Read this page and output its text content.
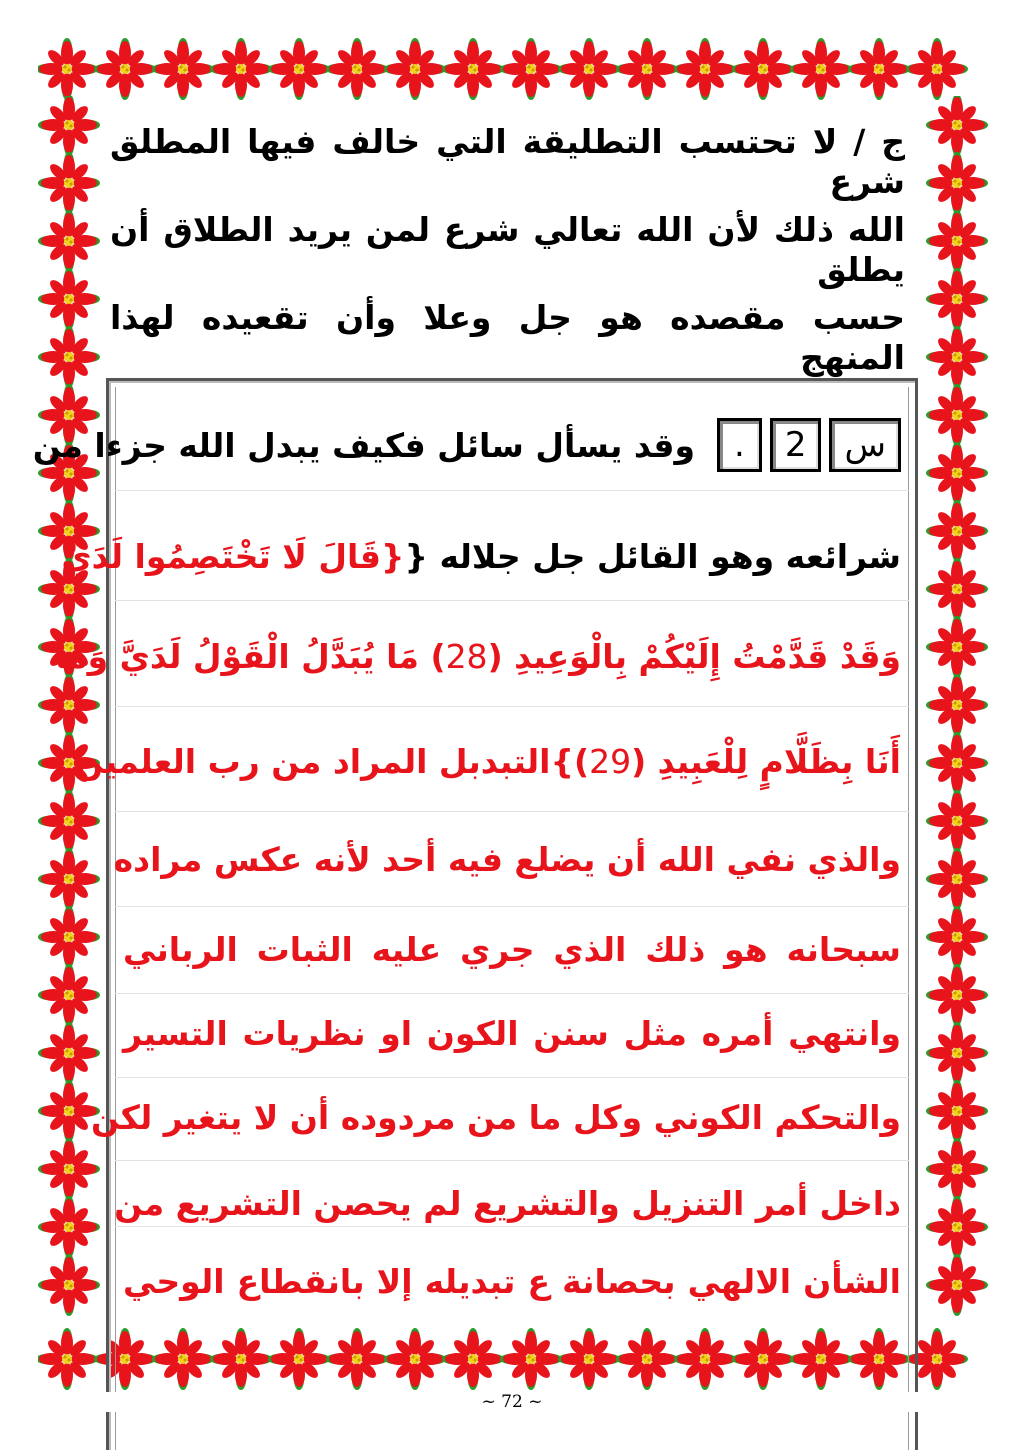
ج / لا تحتسب التطليقة التي خالف فيها المطلق شرع

الله ذلك لأن الله تعالي شرع لمن يريد الطلاق أن يطلق

حسب مقصده هو جل وعلا وأن تقعيده لهذا المنهج

س
2
.
وقد يسأل سائل فكيف يبدل الله جزءا من
شرائعه وهو القائل جل جلاله {
{قَالَ لَا تَخْتَصِمُوا لَدَيَّ
وَقَدْ قَدَّمْتُ إِلَيْكُمْ بِالْوَعِيدِ (28) مَا يُبَدَّلُ الْقَوْلُ لَدَيَّ وَمَا
أَنَا بِظَلَّامٍ لِلْعَبِيدِ (29)}
التبدبل المراد من رب العلمين
والذي نفي الله أن يضلع فيه أحد لأنه عكس مراده
سبحانه هو ذلك الذي جري عليه الثبات الرباني
وانتهي أمره مثل سنن الكون او نظريات التسير
والتحكم الكوني وكل ما من مردوده أن لا يتغير لكن
داخل أمر التنزيل والتشريع لم يحصن التشريع من
الشأن الالهي بحصانة ع تبديله إلا بانقطاع الوحي
~ 72 ~
